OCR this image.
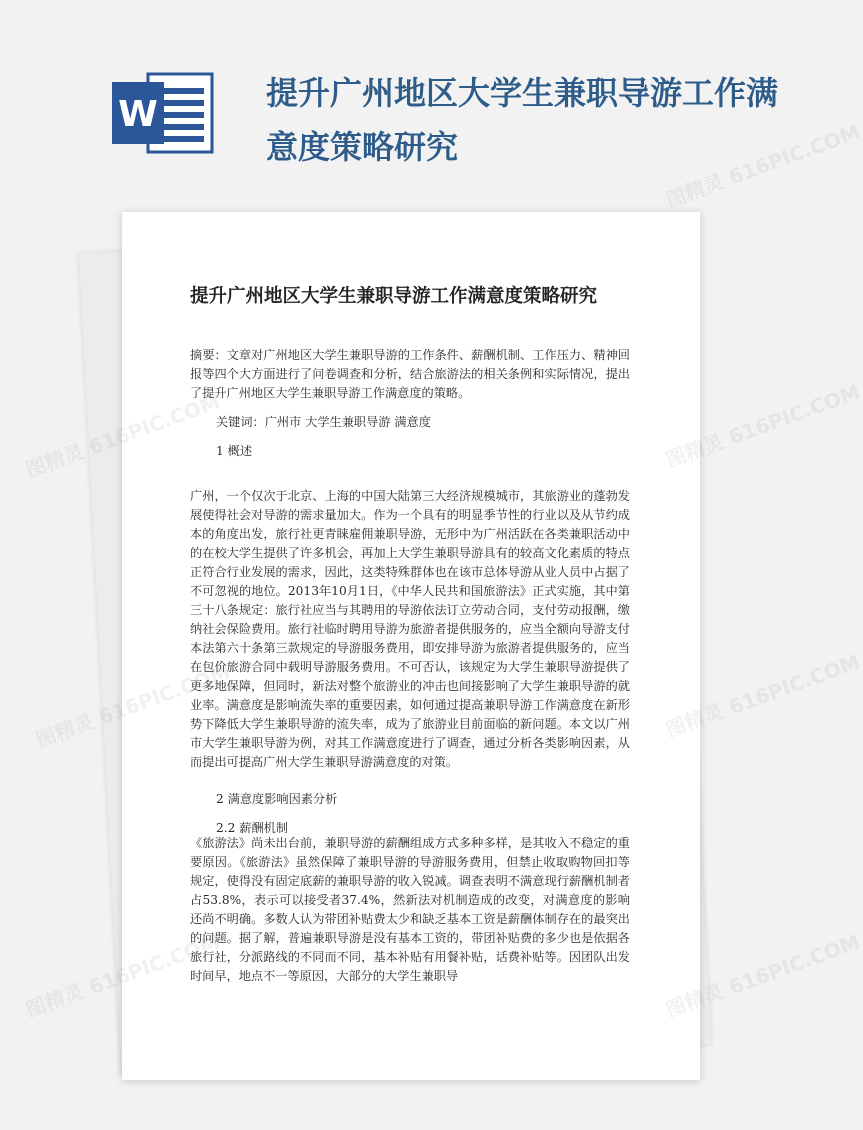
W
提升广州地区大学生兼职导游工作满意度策略研究
提升广州地区大学生兼职导游工作满意度策略研究

摘要：文章对广州地区大学生兼职导游的工作条件、薪酬机制、工作压力、精神回报等四个大方面进行了问卷调查和分析，结合旅游法的相关条例和实际情况，提出了提升广州地区大学生兼职导游工作满意度的策略。

关键词：广州市 大学生兼职导游 满意度
1 概述

广州，一个仅次于北京、上海的中国大陆第三大经济规模城市，其旅游业的蓬勃发展使得社会对导游的需求量加大。作为一个具有的明显季节性的行业以及从节约成本的角度出发，旅行社更青睐雇佣兼职导游，无形中为广州活跃在各类兼职活动中的在校大学生提供了许多机会，再加上大学生兼职导游具有的较高文化素质的特点正符合行业发展的需求，因此，这类特殊群体也在该市总体导游从业人员中占据了不可忽视的地位。2013年10月1日，《中华人民共和国旅游法》正式实施，其中第三十八条规定：旅行社应当与其聘用的导游依法订立劳动合同，支付劳动报酬，缴纳社会保险费用。旅行社临时聘用导游为旅游者提供服务的，应当全额向导游支付本法第六十条第三款规定的导游服务费用，即安排导游为旅游者提供服务的，应当在包价旅游合同中载明导游服务费用。不可否认，该规定为大学生兼职导游提供了更多地保障，但同时，新法对整个旅游业的冲击也间接影响了大学生兼职导游的就业率。满意度是影响流失率的重要因素，如何通过提高兼职导游工作满意度在新形势下降低大学生兼职导游的流失率，成为了旅游业目前面临的新问题。本文以广州市大学生兼职导游为例，对其工作满意度进行了调查，通过分析各类影响因素，从而提出可提高广州大学生兼职导游满意度的对策。

2 满意度影响因素分析
2.2 薪酬机制

《旅游法》尚未出台前，兼职导游的薪酬组成方式多种多样，是其收入不稳定的重要原因。《旅游法》虽然保障了兼职导游的导游服务费用，但禁止收取购物回扣等规定，使得没有固定底薪的兼职导游的收入锐减。调查表明不满意现行薪酬机制者占53.8%，表示可以接受者37.4%，然新法对机制造成的改变，对满意度的影响还尚不明确。多数人认为带团补贴费太少和缺乏基本工资是薪酬体制存在的最突出的问题。据了解，普遍兼职导游是没有基本工资的，带团补贴费的多少也是依据各旅行社，分派路线的不同而不同，基本补贴有用餐补贴，话费补贴等。因团队出发时间早，地点不一等原因，大部分的大学生兼职导

图精灵 616PIC.COM
图精灵	图精灵 616PIC.COM
图精灵	图精灵 616PIC.COM
图精灵	图精灵 616PIC.COM
